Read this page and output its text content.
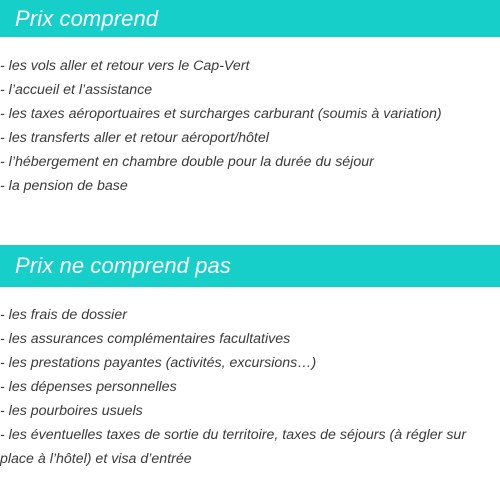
Prix comprend
- les vols aller et retour vers le Cap-Vert
- l’accueil et l’assistance
- les taxes aéroportuaires et surcharges carburant (soumis à variation)
- les transferts aller et retour aéroport/hôtel
- l’hébergement en chambre double pour la durée du séjour
- la pension de base
Prix ne comprend pas
- les frais de dossier
- les assurances complémentaires facultatives
- les prestations payantes (activités, excursions…)
- les dépenses personnelles
- les pourboires usuels
- les éventuelles taxes de sortie du territoire, taxes de séjours (à régler sur place à l’hôtel) et visa d’entrée
